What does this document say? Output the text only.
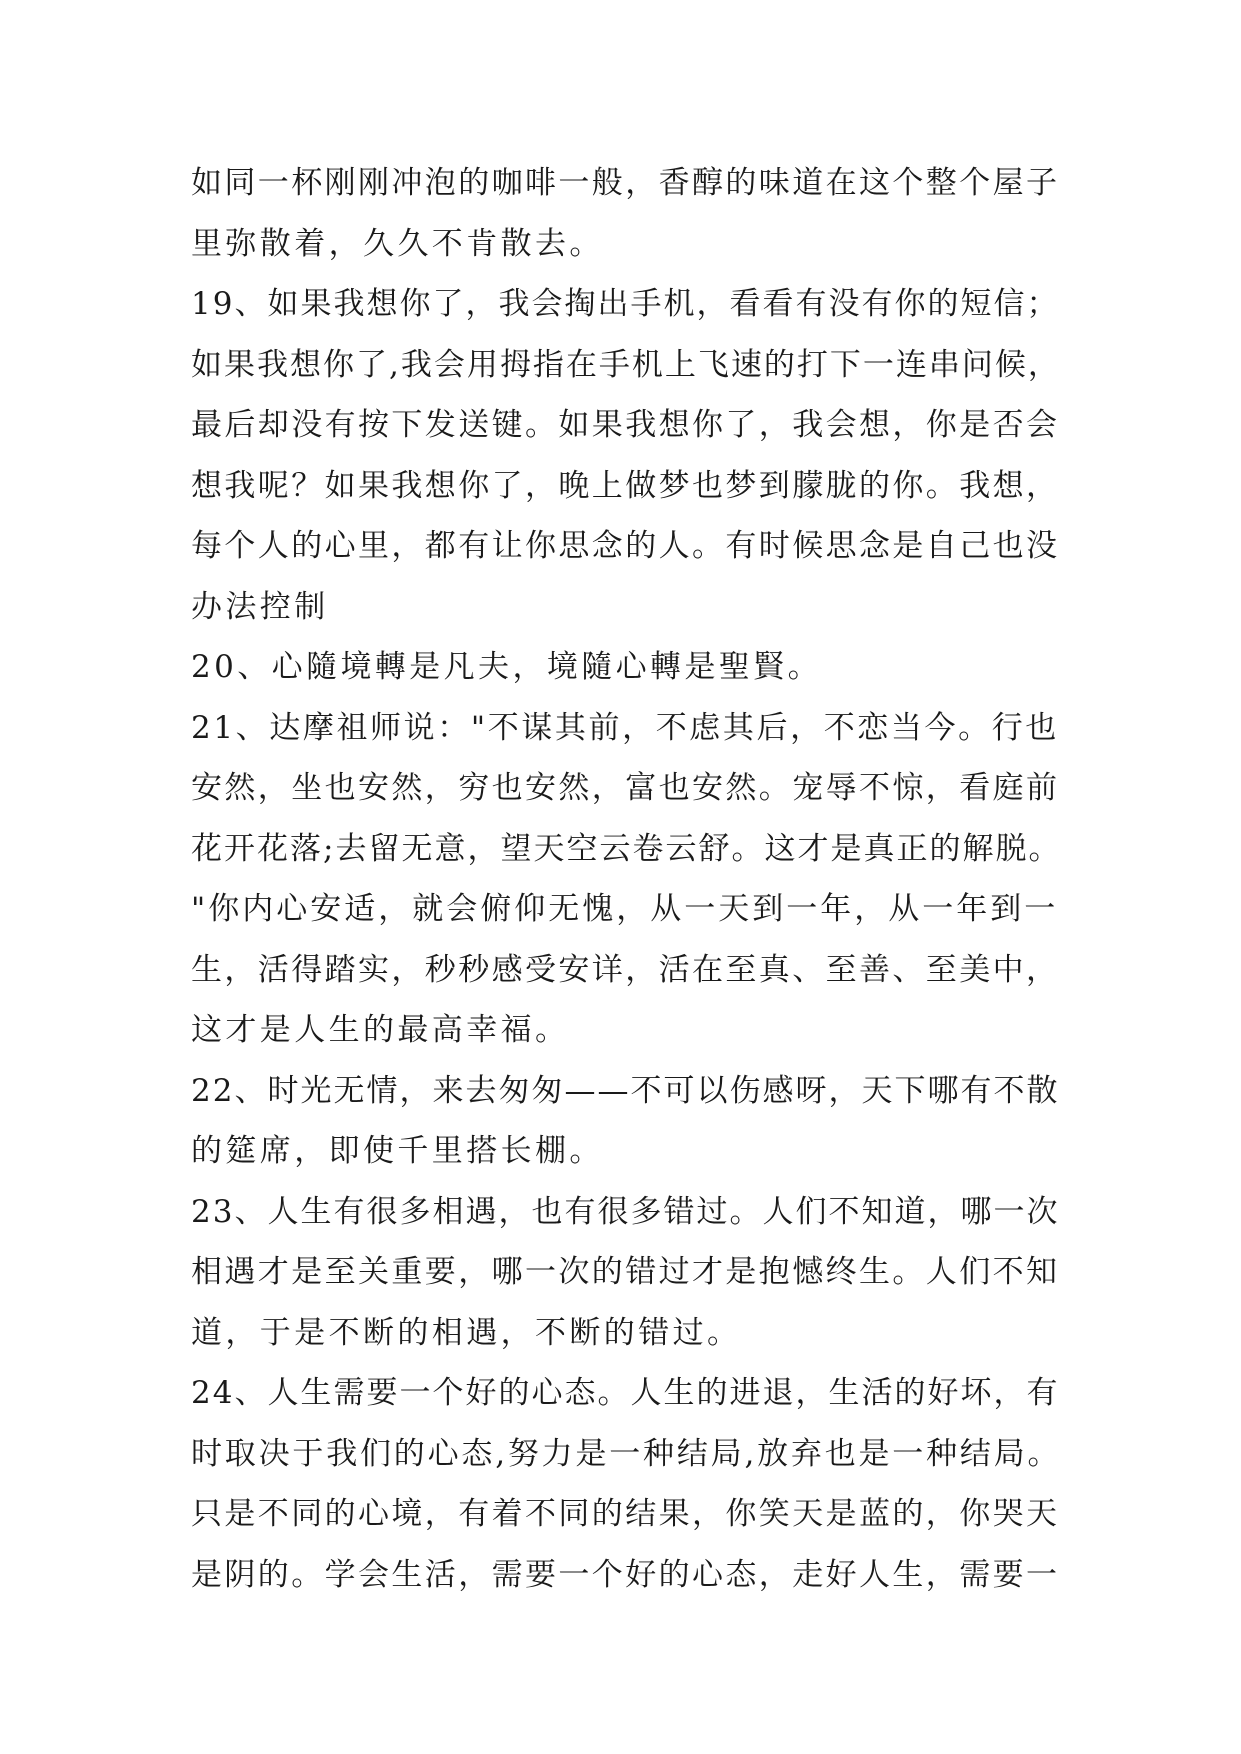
如同一杯刚刚冲泡的咖啡一般，香醇的味道在这个整个屋子
里弥散着，久久不肯散去。
19、如果我想你了，我会掏出手机，看看有没有你的短信；
如果我想你了,我会用拇指在手机上飞速的打下一连串问候，
最后却没有按下发送键。如果我想你了，我会想，你是否会
想我呢？如果我想你了，晚上做梦也梦到朦胧的你。我想，
每个人的心里，都有让你思念的人。有时候思念是自己也没
办法控制
20、心隨境轉是凡夫，境隨心轉是聖賢。
21、达摩祖师说："不谋其前，不虑其后，不恋当今。行也
安然，坐也安然，穷也安然，富也安然。宠辱不惊，看庭前
花开花落;去留无意，望天空云卷云舒。这才是真正的解脱。
"你内心安适，就会俯仰无愧，从一天到一年，从一年到一
生，活得踏实，秒秒感受安详，活在至真、至善、至美中，
这才是人生的最高幸福。
22、时光无情，来去匆匆——不可以伤感呀，天下哪有不散
的筵席，即使千里搭长棚。
23、人生有很多相遇，也有很多错过。人们不知道，哪一次
相遇才是至关重要，哪一次的错过才是抱憾终生。人们不知
道，于是不断的相遇，不断的错过。
24、人生需要一个好的心态。人生的进退，生活的好坏，有
时取决于我们的心态,努力是一种结局,放弃也是一种结局。
只是不同的心境，有着不同的结果，你笑天是蓝的，你哭天
是阴的。学会生活，需要一个好的心态，走好人生，需要一
